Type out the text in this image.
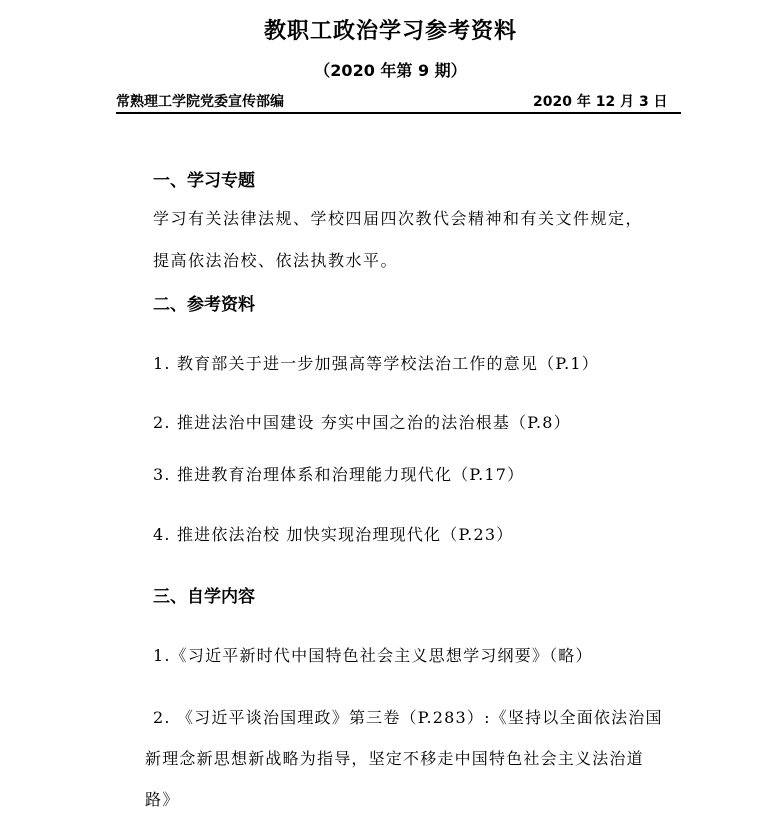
教职工政治学习参考资料
（2020 年第 9 期）
常熟理工学院党委宣传部编	2020 年 12 月 3 日
一、学习专题
学习有关法律法规、学校四届四次教代会精神和有关文件规定，
提高依法治校、依法执教水平。
二、参考资料
1. 教育部关于进一步加强高等学校法治工作的意见（P.1）
2. 推进法治中国建设 夯实中国之治的法治根基（P.8）
3. 推进教育治理体系和治理能力现代化（P.17）
4. 推进依法治校 加快实现治理现代化（P.23）
三、自学内容
1.《习近平新时代中国特色社会主义思想学习纲要》（略）
2. 《习近平谈治国理政》第三卷（P.283）:《坚持以全面依法治国
新理念新思想新战略为指导，坚定不移走中国特色社会主义法治道
路》
